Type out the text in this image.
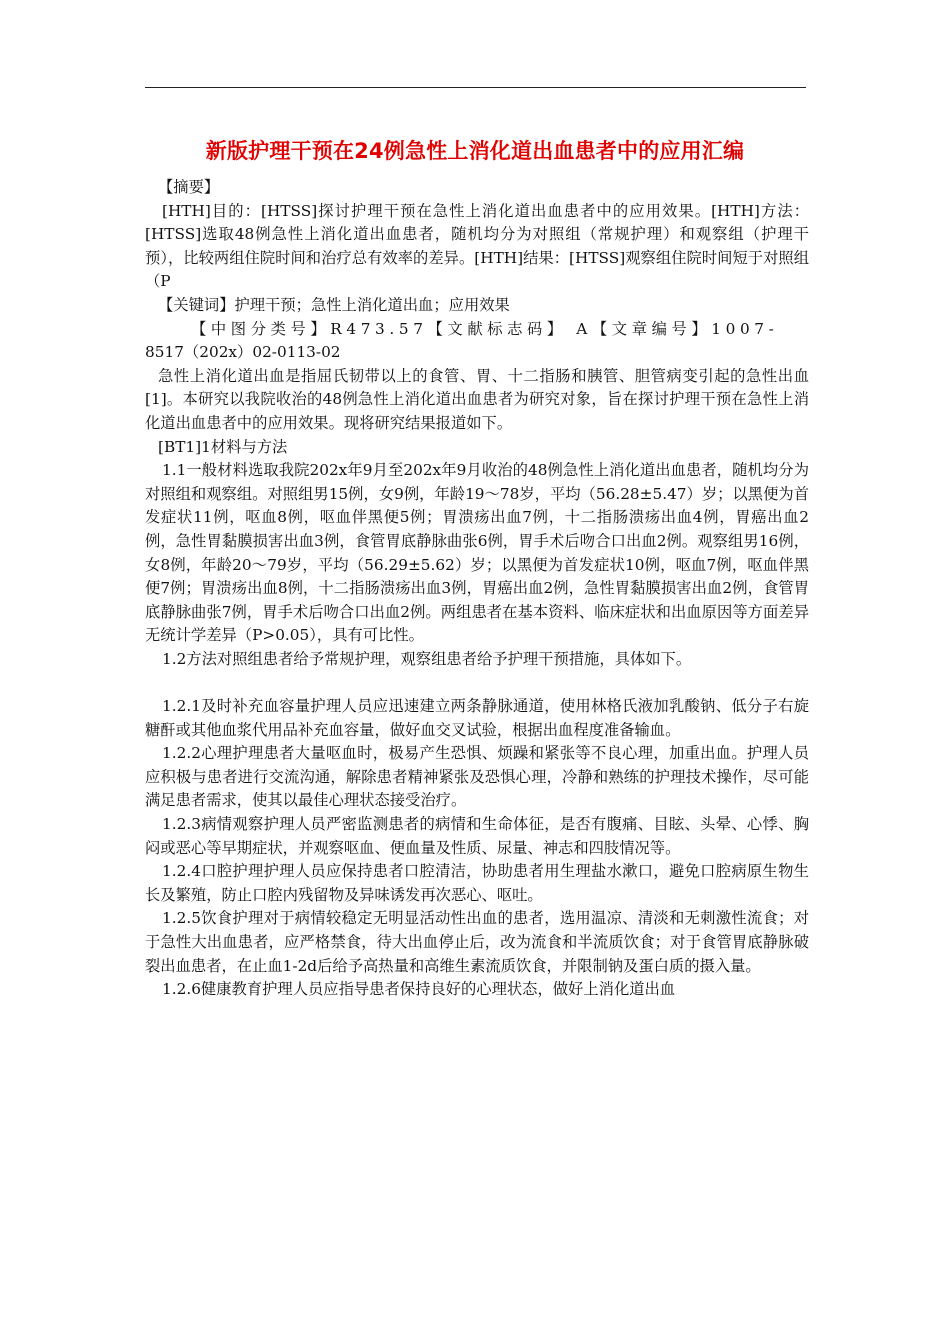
新版护理干预在24例急性上消化道出血患者中的应用汇编

【摘要】

[HTH]目的：[HTSS]探讨护理干预在急性上消化道出血患者中的应用效果。[HTH]方法：[HTSS]选取48例急性上消化道出血患者，随机均分为对照组（常规护理）和观察组（护理干预），比较两组住院时间和治疗总有效率的差异。[HTH]结果：[HTSS]观察组住院时间短于对照组（P

【关键词】护理干预；急性上消化道出血；应用效果

【中图分类号】R473.57【文献标志码】 A【文章编号】1007-

8517（202x）02-0113-02

急性上消化道出血是指屈氏韧带以上的食管、胃、十二指肠和胰管、胆管病变引起的急性出血[1]。本研究以我院收治的48例急性上消化道出血患者为研究对象，旨在探讨护理干预在急性上消化道出血患者中的应用效果。现将研究结果报道如下。

[BT1]1材料与方法

1.1一般材料选取我院202x年9月至202x年9月收治的48例急性上消化道出血患者，随机均分为对照组和观察组。对照组男15例，女9例，年龄19～78岁，平均（56.28±5.47）岁；以黑便为首发症状11例，呕血8例，呕血伴黑便5例；胃溃疡出血7例，十二指肠溃疡出血4例，胃癌出血2例，急性胃黏膜损害出血3例，食管胃底静脉曲张6例，胃手术后吻合口出血2例。观察组男16例，女8例，年龄20～79岁，平均（56.29±5.62）岁；以黑便为首发症状10例，呕血7例，呕血伴黑便7例；胃溃疡出血8例，十二指肠溃疡出血3例，胃癌出血2例，急性胃黏膜损害出血2例，食管胃底静脉曲张7例，胃手术后吻合口出血2例。两组患者在基本资料、临床症状和出血原因等方面差异无统计学差异（P>0.05），具有可比性。

1.2方法对照组患者给予常规护理，观察组患者给予护理干预措施，具体如下。

1.2.1及时补充血容量护理人员应迅速建立两条静脉通道，使用林格氏液加乳酸钠、低分子右旋糖酐或其他血浆代用品补充血容量，做好血交叉试验，根据出血程度准备输血。

1.2.2心理护理患者大量呕血时，极易产生恐惧、烦躁和紧张等不良心理，加重出血。护理人员应积极与患者进行交流沟通，解除患者精神紧张及恐惧心理，冷静和熟练的护理技术操作，尽可能满足患者需求，使其以最佳心理状态接受治疗。

1.2.3病情观察护理人员严密监测患者的病情和生命体征，是否有腹痛、目眩、头晕、心悸、胸闷或恶心等早期症状，并观察呕血、便血量及性质、尿量、神志和四肢情况等。

1.2.4口腔护理护理人员应保持患者口腔清洁，协助患者用生理盐水漱口，避免口腔病原生物生长及繁殖，防止口腔内残留物及异味诱发再次恶心、呕吐。

1.2.5饮食护理对于病情较稳定无明显活动性出血的患者，选用温凉、清淡和无刺激性流食；对于急性大出血患者，应严格禁食，待大出血停止后，改为流食和半流质饮食；对于食管胃底静脉破裂出血患者，在止血1-2d后给予高热量和高维生素流质饮食，并限制钠及蛋白质的摄入量。

1.2.6健康教育护理人员应指导患者保持良好的心理状态，做好上消化道出血
